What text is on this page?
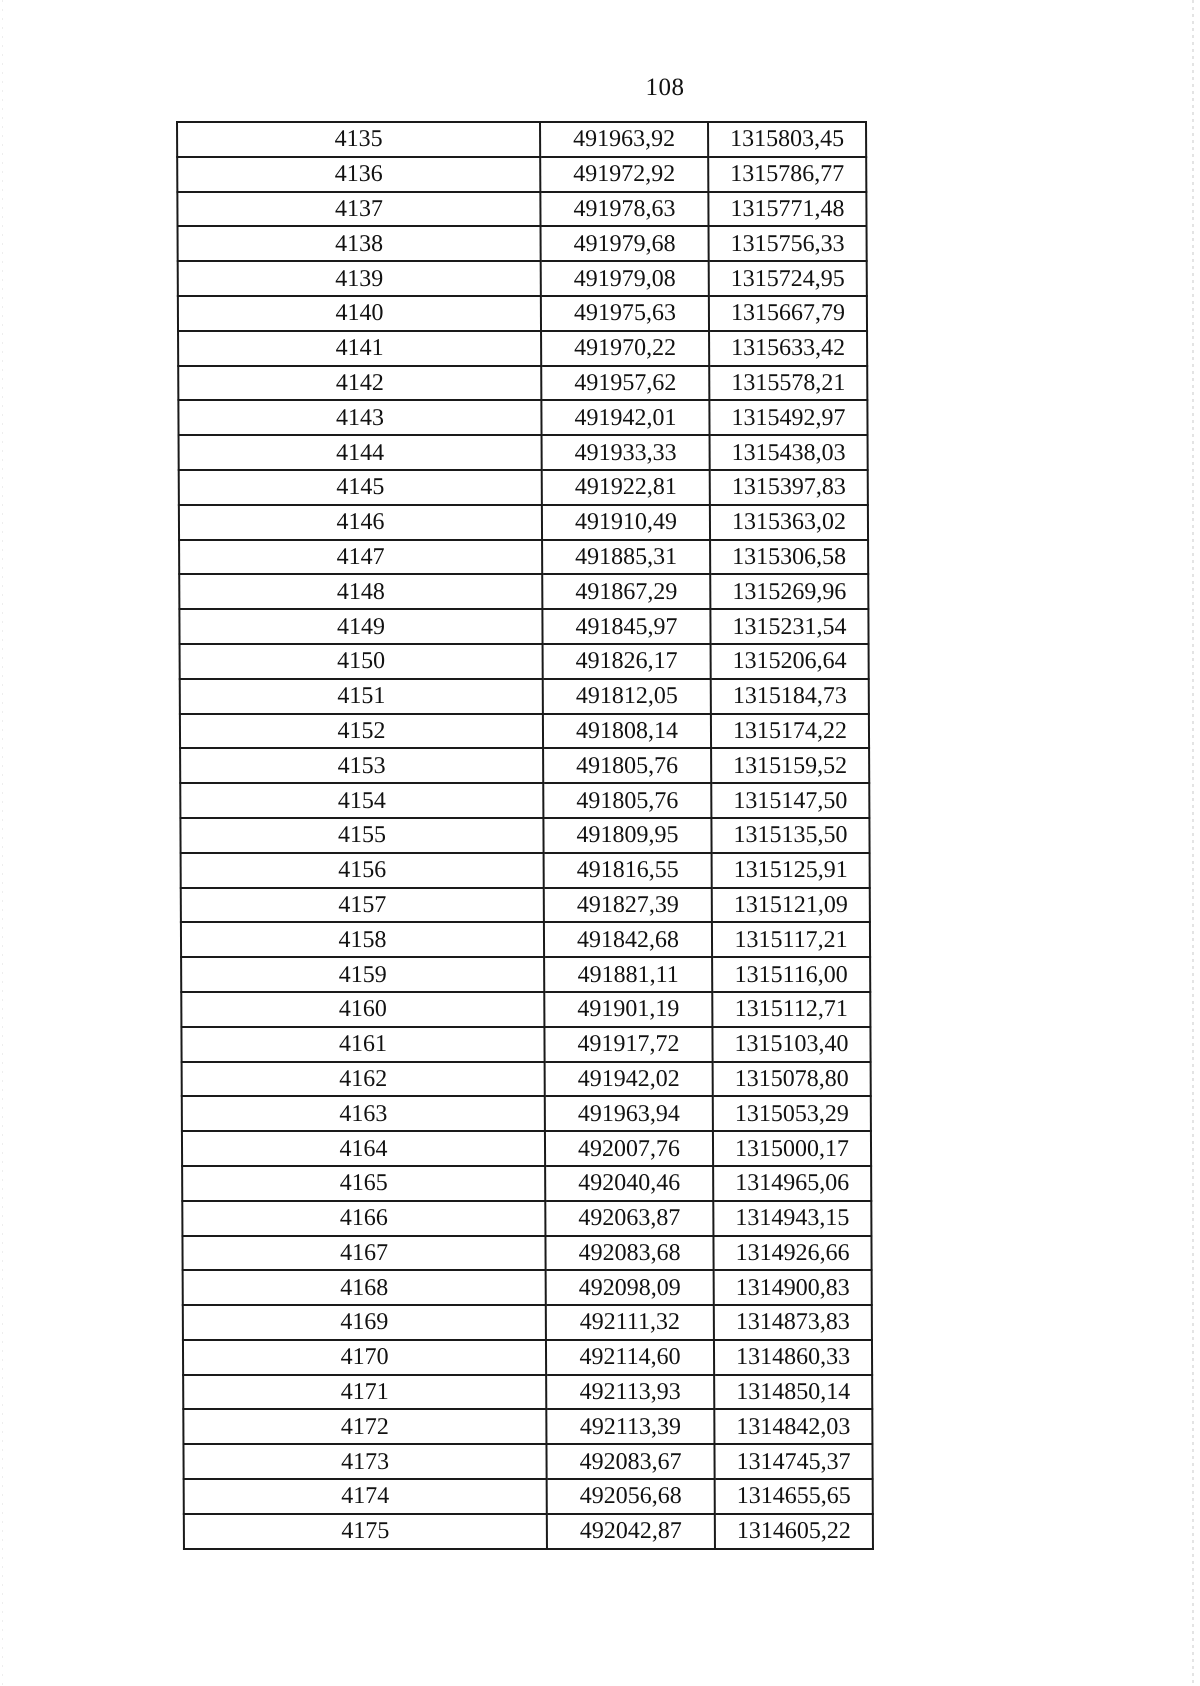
108
4135	491963,92	1315803,45
4136	491972,92	1315786,77
4137	491978,63	1315771,48
4138	491979,68	1315756,33
4139	491979,08	1315724,95
4140	491975,63	1315667,79
4141	491970,22	1315633,42
4142	491957,62	1315578,21
4143	491942,01	1315492,97
4144	491933,33	1315438,03
4145	491922,81	1315397,83
4146	491910,49	1315363,02
4147	491885,31	1315306,58
4148	491867,29	1315269,96
4149	491845,97	1315231,54
4150	491826,17	1315206,64
4151	491812,05	1315184,73
4152	491808,14	1315174,22
4153	491805,76	1315159,52
4154	491805,76	1315147,50
4155	491809,95	1315135,50
4156	491816,55	1315125,91
4157	491827,39	1315121,09
4158	491842,68	1315117,21
4159	491881,11	1315116,00
4160	491901,19	1315112,71
4161	491917,72	1315103,40
4162	491942,02	1315078,80
4163	491963,94	1315053,29
4164	492007,76	1315000,17
4165	492040,46	1314965,06
4166	492063,87	1314943,15
4167	492083,68	1314926,66
4168	492098,09	1314900,83
4169	492111,32	1314873,83
4170	492114,60	1314860,33
4171	492113,93	1314850,14
4172	492113,39	1314842,03
4173	492083,67	1314745,37
4174	492056,68	1314655,65
4175	492042,87	1314605,22
